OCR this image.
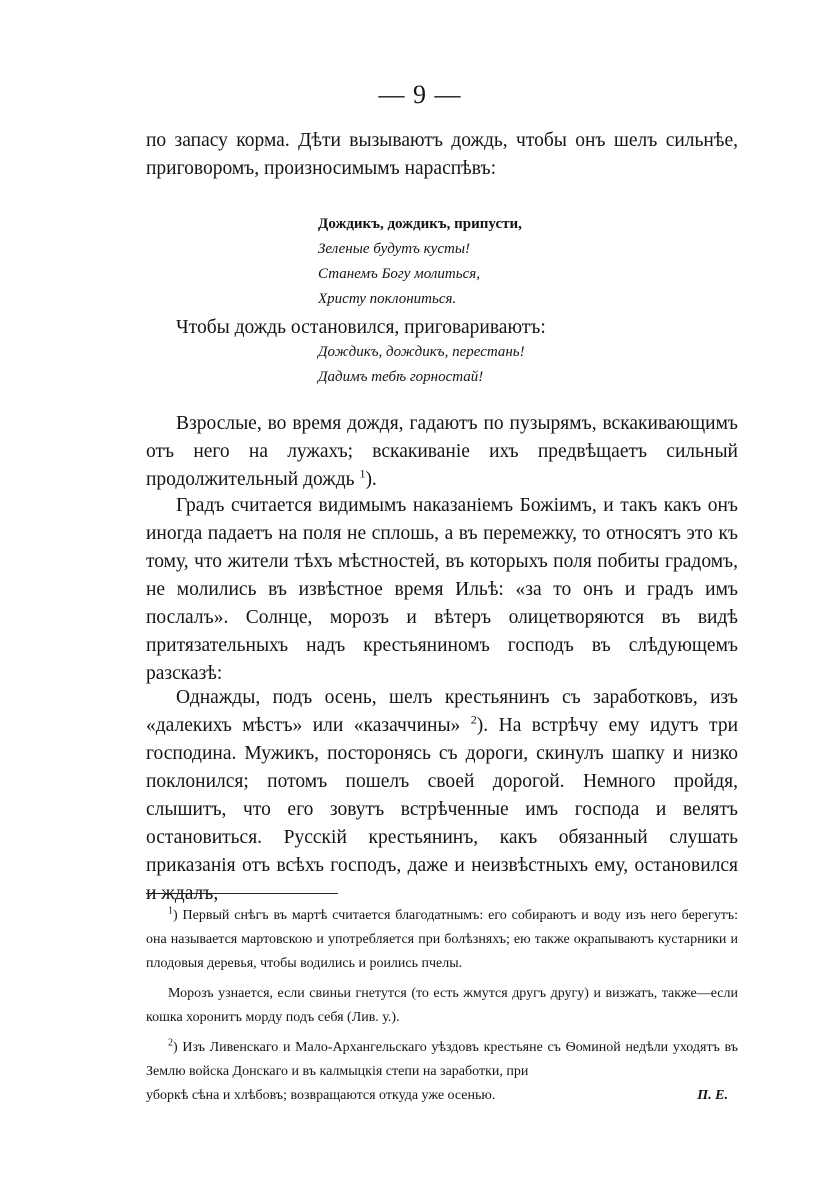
— 9 —

по запасу корма. Дѣти вызываютъ дождь, чтобы онъ шелъ сильнѣе, приговоромъ, произносимымъ нараспѣвъ:

Дождикъ, дождикъ, припусти,
Зеленые будутъ кусты!
Станемъ Богу молиться,
Христу поклониться.

Чтобы дождь остановился, приговариваютъ:

Дождикъ, дождикъ, перестань!
Дадимъ тебѣ горностай!

Взрослые, во время дождя, гадаютъ по пузырямъ, вскакивающимъ отъ него на лужахъ; вскакиванiе ихъ предвѣщаетъ сильный продолжительный дождь $^1$).

Градъ считается видимымъ наказанiемъ Божiимъ, и такъ какъ онъ иногда падаетъ на поля не сплошь, а въ перемежку, то относятъ это къ тому, что жители тѣхъ мѣстностей, въ которыхъ поля побиты градомъ, не молились въ извѣстное время Ильѣ: «за то онъ и градъ имъ послалъ». Солнце, морозъ и вѣтеръ олицетворяются въ видѣ притязательныхъ надъ крестьяниномъ господъ въ слѣдующемъ разсказѣ:

Однажды, подъ осень, шелъ крестьянинъ съ заработковъ, изъ «далекихъ мѣстъ» или «казаччины» $^2$). На встрѣчу ему идутъ три господина. Мужикъ, посторонясь съ дороги, скинулъ шапку и низко поклонился; потомъ пошелъ своей дорогой. Немного пройдя, слышитъ, что его зовутъ встрѣченные имъ господа и велятъ остановиться. Русскiй крестьянинъ, какъ обязанный слушать приказанiя отъ всѣхъ господъ, даже и неизвѣстныхъ ему, остановился и ждалъ,

$^1$) Первый снѣгъ въ мартѣ считается благодатнымъ: его собираютъ и воду изъ него берегутъ: она называется мартовскою и употребляется при болѣзняхъ; ею также окрапываютъ кустарники и плодовыя деревья, чтобы водились и роились пчелы.

Морозъ узнается, если свиньи гнетутся (то есть жмутся другъ другу) и визжатъ, также—если кошка хоронитъ морду подъ себя (Лив. у.).

$^2$) Изъ Ливенскаго и Мало-Архангельскаго уѣздовъ крестьяне съ Ѳоминой недѣли уходятъ въ Землю войска Донскаго и въ калмыцкiя степи на заработки, при

уборкѣ сѣна и хлѣбовъ; возвращаются откуда уже осенью.	П. Е.
